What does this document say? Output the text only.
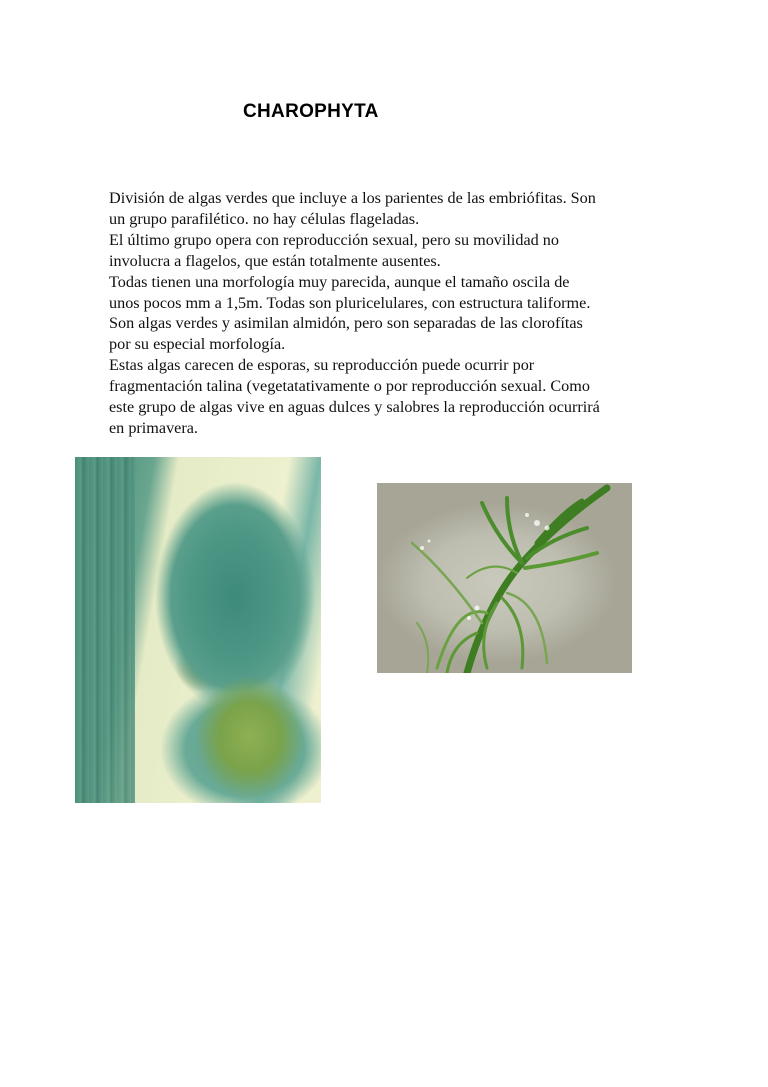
CHAROPHYTA

División de algas verdes que incluye a los parientes de las embriófitas. Son

un grupo parafilético. no hay células flageladas.

El último grupo opera con reproducción sexual, pero su movilidad no

involucra a flagelos, que están totalmente ausentes.

Todas tienen una morfología muy parecida, aunque el tamaño oscila de

unos pocos mm a 1,5m. Todas son pluricelulares, con estructura taliforme.

Son algas verdes y asimilan almidón, pero son separadas de las clorofítas

por su especial morfología.

Estas algas carecen de esporas, su reproducción puede ocurrir por

fragmentación talina (vegetatativamente o por reproducción sexual. Como

este grupo de algas vive en aguas dulces y salobres la reproducción ocurrirá

en primavera.
